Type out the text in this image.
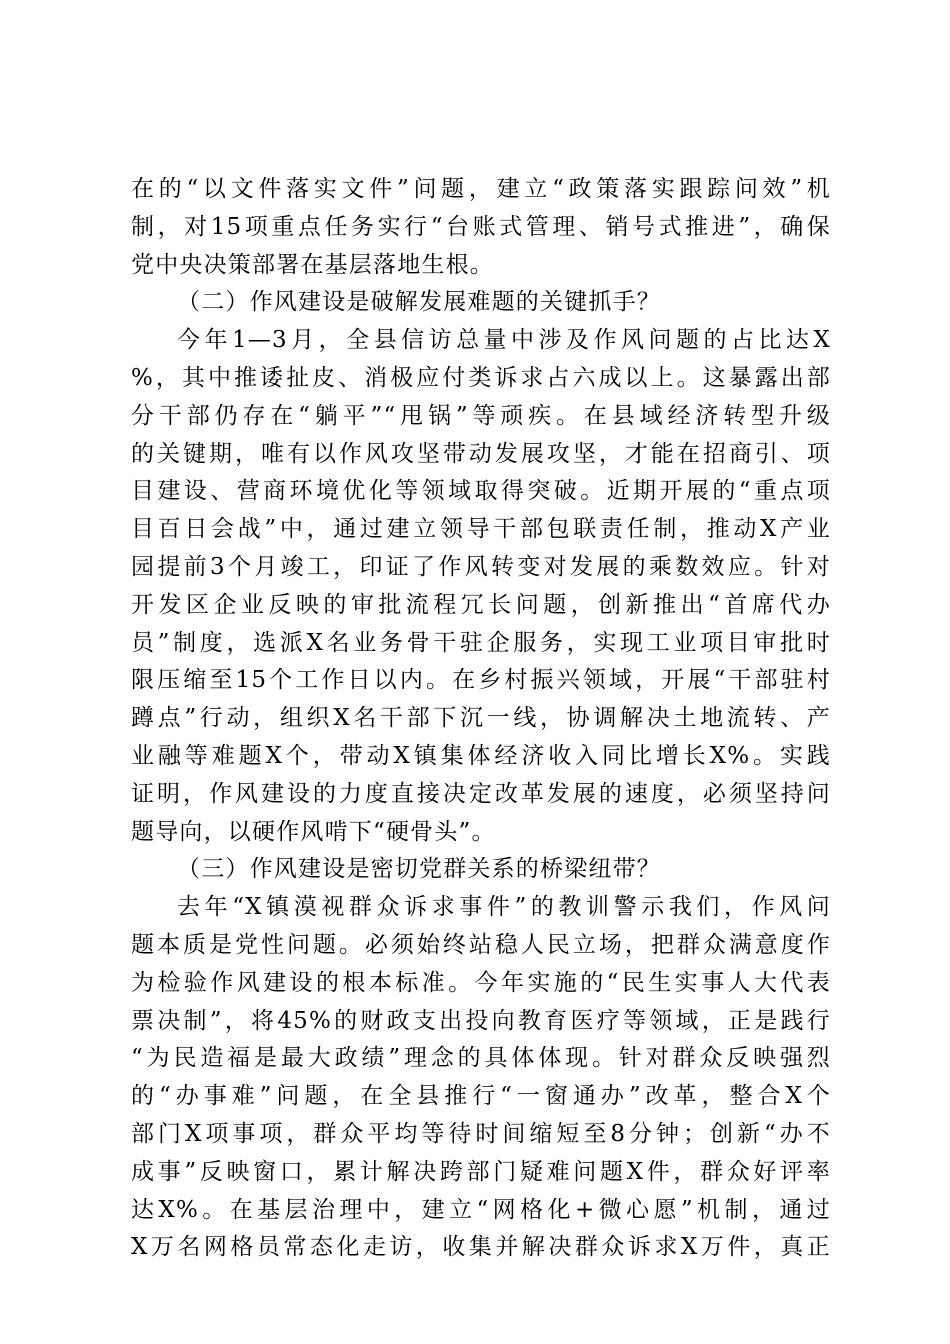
在的“以文件落实文件”问题，建立“政策落实跟踪问效”机
制，对15项重点任务实行“台账式管理、销号式推进”，确保
党中央决策部署在基层落地生根。
（二）作风建设是破解发展难题的关键抓手？
今年1—3月，全县信访总量中涉及作风问题的占比达X
%，其中推诿扯皮、消极应付类诉求占六成以上。这暴露出部
分干部仍存在“躺平”“甩锅”等顽疾。在县域经济转型升级
的关键期，唯有以作风攻坚带动发展攻坚，才能在招商引、项
目建设、营商环境优化等领域取得突破。近期开展的“重点项
目百日会战”中，通过建立领导干部包联责任制，推动X产业
园提前3个月竣工，印证了作风转变对发展的乘数效应。针对
开发区企业反映的审批流程冗长问题，创新推出“首席代办
员”制度，选派X名业务骨干驻企服务，实现工业项目审批时
限压缩至15个工作日以内。在乡村振兴领域，开展“干部驻村
蹲点”行动，组织X名干部下沉一线，协调解决土地流转、产
业融等难题X个，带动X镇集体经济收入同比增长X%。实践
证明，作风建设的力度直接决定改革发展的速度，必须坚持问
题导向，以硬作风啃下“硬骨头”。
（三）作风建设是密切党群关系的桥梁纽带？
去年“X镇漠视群众诉求事件”的教训警示我们，作风问
题本质是党性问题。必须始终站稳人民立场，把群众满意度作
为检验作风建设的根本标准。今年实施的“民生实事人大代表
票决制”，将45%的财政支出投向教育医疗等领域，正是践行
“为民造福是最大政绩”理念的具体体现。针对群众反映强烈
的“办事难”问题，在全县推行“一窗通办”改革，整合X个
部门X项事项，群众平均等待时间缩短至8分钟；创新“办不
成事”反映窗口，累计解决跨部门疑难问题X件，群众好评率
达X%。在基层治理中，建立“网格化+微心愿”机制，通过
X万名网格员常态化走访，收集并解决群众诉求X万件，真正
